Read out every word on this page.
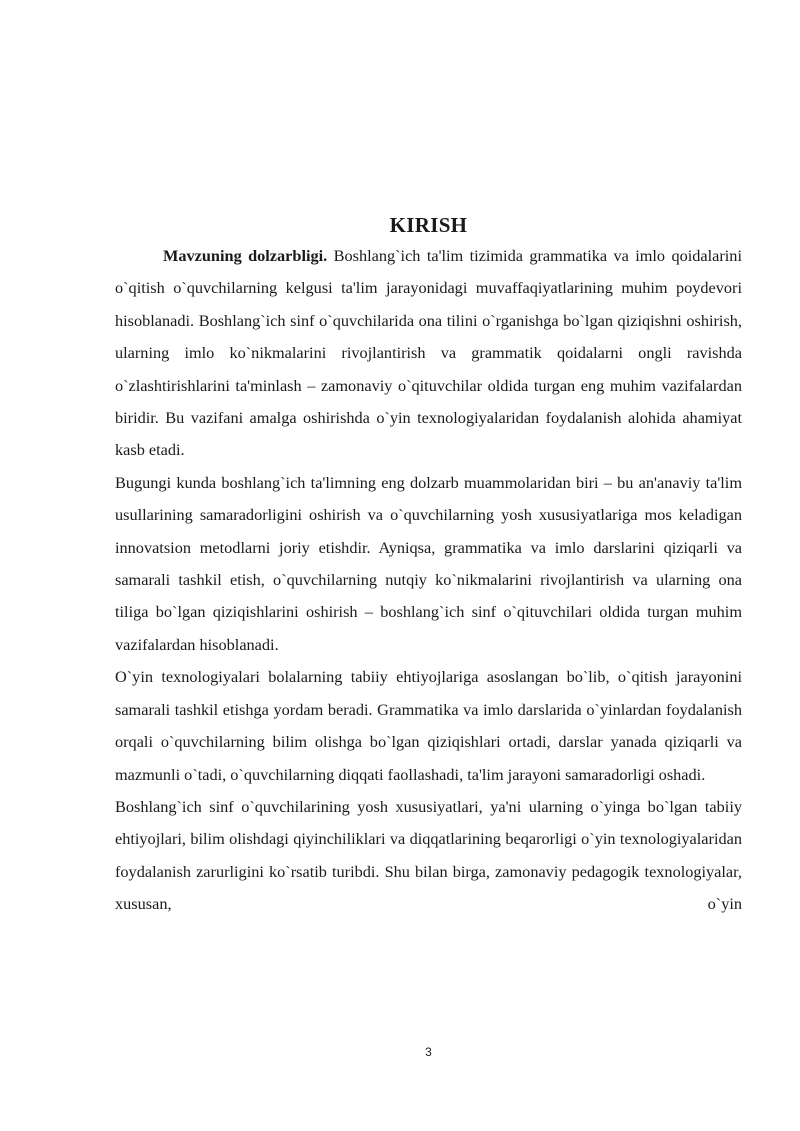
KIRISH

Mavzuning dolzarbligi. Boshlang`ich ta'lim tizimida grammatika va imlo qoidalarini o`qitish o`quvchilarning kelgusi ta'lim jarayonidagi muvaffaqiyatlarining muhim poydevori hisoblanadi. Boshlang`ich sinf o`quvchilarida ona tilini o`rganishga bo`lgan qiziqishni oshirish, ularning imlo ko`nikmalarini rivojlantirish va grammatik qoidalarni ongli ravishda o`zlashtirishlarini ta'minlash – zamonaviy o`qituvchilar oldida turgan eng muhim vazifalardan biridir. Bu vazifani amalga oshirishda o`yin texnologiyalaridan foydalanish alohida ahamiyat kasb etadi.

Bugungi kunda boshlang`ich ta'limning eng dolzarb muammolaridan biri – bu an'anaviy ta'lim usullarining samaradorligini oshirish va o`quvchilarning yosh xususiyatlariga mos keladigan innovatsion metodlarni joriy etishdir. Ayniqsa, grammatika va imlo darslarini qiziqarli va samarali tashkil etish, o`quvchilarning nutqiy ko`nikmalarini rivojlantirish va ularning ona tiliga bo`lgan qiziqishlarini oshirish – boshlang`ich sinf o`qituvchilari oldida turgan muhim vazifalardan hisoblanadi.

O`yin texnologiyalari bolalarning tabiiy ehtiyojlariga asoslangan bo`lib, o`qitish jarayonini samarali tashkil etishga yordam beradi. Grammatika va imlo darslarida o`yinlardan foydalanish orqali o`quvchilarning bilim olishga bo`lgan qiziqishlari ortadi, darslar yanada qiziqarli va mazmunli o`tadi, o`quvchilarning diqqati faollashadi, ta'lim jarayoni samaradorligi oshadi.

Boshlang`ich sinf o`quvchilarining yosh xususiyatlari, ya'ni ularning o`yinga bo`lgan tabiiy ehtiyojlari, bilim olishdagi qiyinchiliklari va diqqatlarining beqarorligi o`yin texnologiyalaridan foydalanish zarurligini ko`rsatib turibdi. Shu bilan birga, zamonaviy pedagogik texnologiyalar, xususan, o`yin

3
